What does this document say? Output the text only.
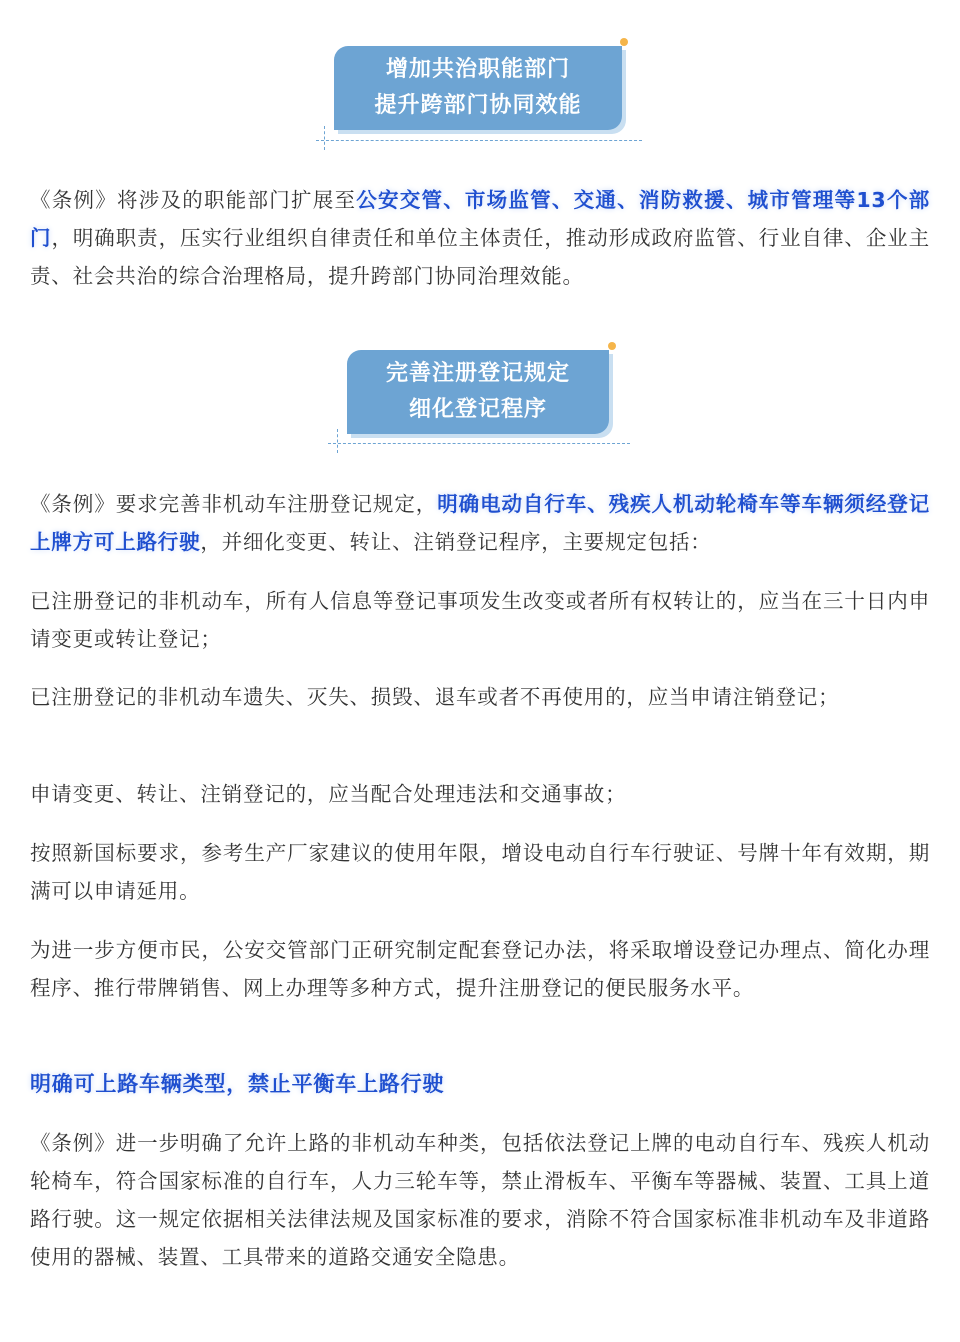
增加共治职能部门
提升跨部门协同效能

《条例》将涉及的职能部门扩展至公安交管、市场监管、交通、消防救援、城市管理等13个部门，明确职责，压实行业组织自律责任和单位主体责任，推动形成政府监管、行业自律、企业主责、社会共治的综合治理格局，提升跨部门协同治理效能。

完善注册登记规定
细化登记程序

《条例》要求完善非机动车注册登记规定，明确电动自行车、残疾人机动轮椅车等车辆须经登记上牌方可上路行驶，并细化变更、转让、注销登记程序，主要规定包括：

已注册登记的非机动车，所有人信息等登记事项发生改变或者所有权转让的，应当在三十日内申请变更或转让登记；

已注册登记的非机动车遗失、灭失、损毁、退车或者不再使用的，应当申请注销登记；

申请变更、转让、注销登记的，应当配合处理违法和交通事故；

按照新国标要求，参考生产厂家建议的使用年限，增设电动自行车行驶证、号牌十年有效期，期满可以申请延用。

为进一步方便市民，公安交管部门正研究制定配套登记办法，将采取增设登记办理点、简化办理程序、推行带牌销售、网上办理等多种方式，提升注册登记的便民服务水平。

明确可上路车辆类型，禁止平衡车上路行驶

《条例》进一步明确了允许上路的非机动车种类，包括依法登记上牌的电动自行车、残疾人机动轮椅车，符合国家标准的自行车，人力三轮车等，禁止滑板车、平衡车等器械、装置、工具上道路行驶。这一规定依据相关法律法规及国家标准的要求，消除不符合国家标准非机动车及非道路使用的器械、装置、工具带来的道路交通安全隐患。
